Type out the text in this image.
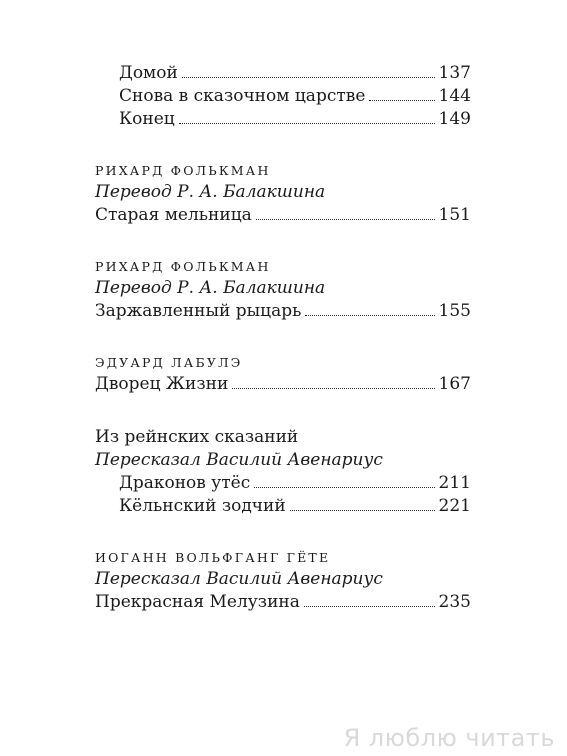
Домой	137
Снова в сказочном царстве	144
Конец	149
РИХАРД ФОЛЬКМАН
Перевод Р. А. Балакшина
Старая мельница	151
РИХАРД ФОЛЬКМАН
Перевод Р. А. Балакшина
Заржавленный рыцарь	155
ЭДУАРД ЛАБУЛЭ
Дворец Жизни	167
Из рейнских сказаний
Пересказал Василий Авенариус
Драконов утёс	211
Кёльнский зодчий	221
ИОГАНН ВОЛЬФГАНГ ГЁТЕ
Пересказал Василий Авенариус
Прекрасная Мелузина	235
Я люблю читать
